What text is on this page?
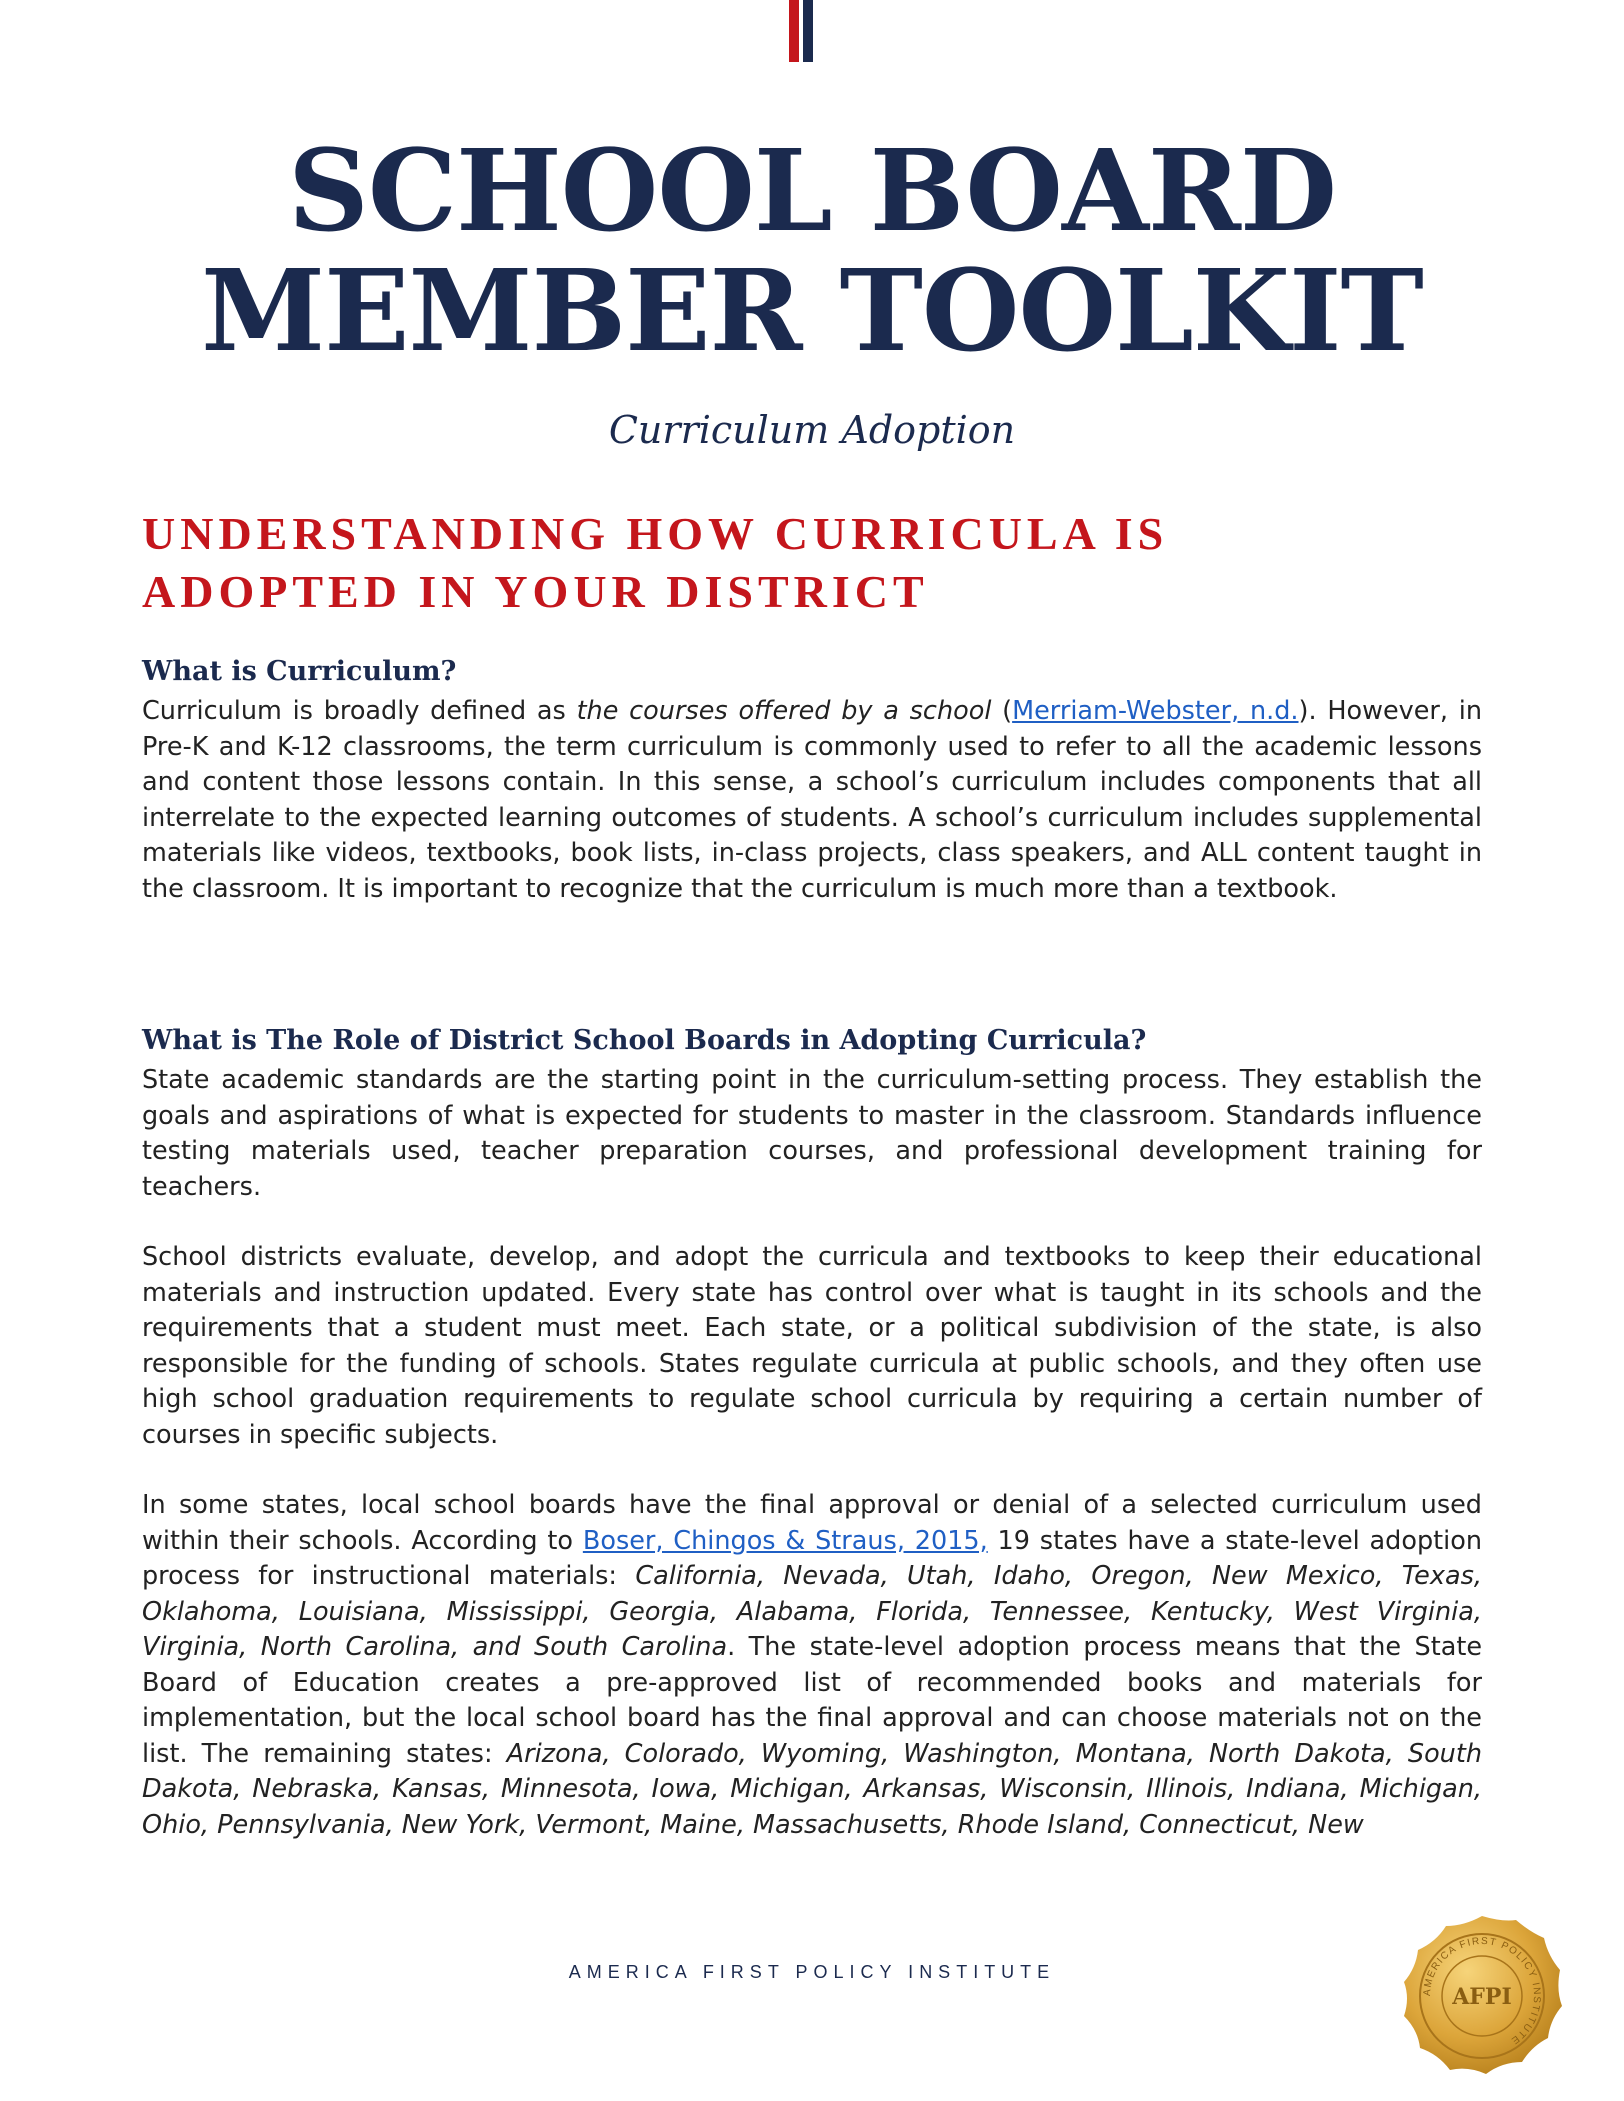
SCHOOL BOARD
MEMBER TOOLKIT

Curriculum Adoption

UNDERSTANDING HOW CURRICULA IS
ADOPTED IN YOUR DISTRICT
What is Curriculum?

Curriculum is broadly defined as the courses offered by a school (Merriam-Webster, n.d.). However, in Pre-K and K-12 classrooms, the term curriculum is commonly used to refer to all the academic lessons and content those lessons contain. In this sense, a school’s curriculum includes components that all interrelate to the expected learning outcomes of students. A school’s curriculum includes supplemental materials like videos, textbooks, book lists, in-class projects, class speakers, and ALL content taught in the classroom. It is important to recognize that the curriculum is much more than a textbook.

What is The Role of District School Boards in Adopting Curricula?

State academic standards are the starting point in the curriculum-setting process. They establish the goals and aspirations of what is expected for students to master in the classroom. Standards influence testing materials used, teacher preparation courses, and professional development training for teachers.

School districts evaluate, develop, and adopt the curricula and textbooks to keep their educational materials and instruction updated. Every state has control over what is taught in its schools and the requirements that a student must meet. Each state, or a political subdivision of the state, is also responsible for the funding of schools. States regulate curricula at public schools, and they often use high school graduation requirements to regulate school curricula by requiring a certain number of courses in specific subjects.

In some states, local school boards have the final approval or denial of a selected curriculum used within their schools. According to Boser, Chingos & Straus, 2015, 19 states have a state-level adoption process for instructional materials: California, Nevada, Utah, Idaho, Oregon, New Mexico, Texas, Oklahoma, Louisiana, Mississippi, Georgia, Alabama, Florida, Tennessee, Kentucky, West Virginia, Virginia, North Carolina, and South Carolina. The state-level adoption process means that the State Board of Education creates a pre-approved list of recommended books and materials for implementation, but the local school board has the final approval and can choose materials not on the list. The remaining states: Arizona, Colorado, Wyoming, Washington, Montana, North Dakota, South Dakota, Nebraska, Kansas, Minnesota, Iowa, Michigan, Arkansas, Wisconsin, Illinois, Indiana, Michigan, Ohio, Pennsylvania, New York, Vermont, Maine, Massachusetts, Rhode Island, Connecticut, New

AMERICA FIRST POLICY INSTITUTE

AMERICA FIRST POLICY INSTITUTE
AFPI
